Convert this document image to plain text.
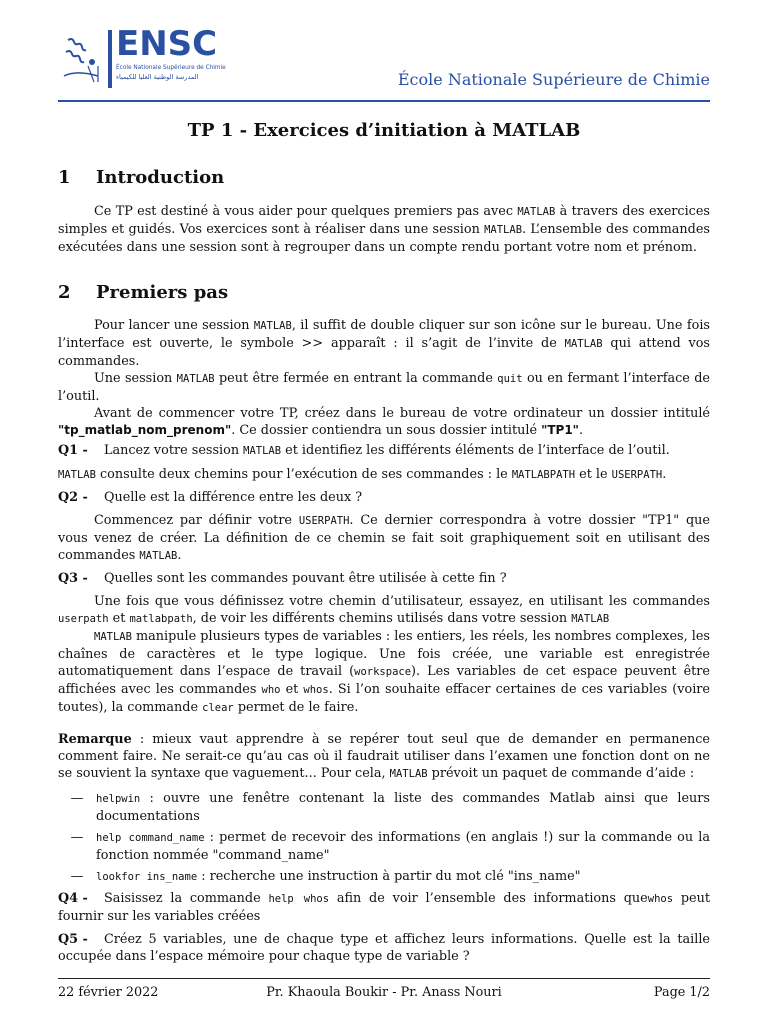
ENSC
École Nationale Supérieure de Chimie
المدرسة الوطنية العليا للكيمياء	École Nationale Supérieure de Chimie
TP 1 - Exercices d’initiation à MATLAB
1 Introduction

Ce TP est destiné à vous aider pour quelques premiers pas avec MATLAB à travers des exercices simples et guidés. Vos exercices sont à réaliser dans une session MATLAB. L’ensemble des commandes exécutées dans une session sont à regrouper dans un compte rendu portant votre nom et prénom.

2 Premiers pas

Pour lancer une session MATLAB, il suffit de double cliquer sur son icône sur le bureau. Une fois l’interface est ouverte, le symbole >> apparaît : il s’agit de l’invite de MATLAB qui attend vos commandes.

Une session MATLAB peut être fermée en entrant la commande quit ou en fermant l’interface de l’outil.

Avant de commencer votre TP, créez dans le bureau de votre ordinateur un dossier intitulé "tp_matlab_nom_prenom". Ce dossier contiendra un sous dossier intitulé "TP1".

Q1 -	Lancez votre session MATLAB et identifiez les différents éléments de l’interface de l’outil.

MATLAB consulte deux chemins pour l’exécution de ses commandes : le MATLABPATH et le USERPATH.

Q2 -	Quelle est la différence entre les deux ?

Commencez par définir votre USERPATH. Ce dernier correspondra à votre dossier "TP1" que vous venez de créer. La définition de ce chemin se fait soit graphiquement soit en utilisant des commandes MATLAB.

Q3 -	Quelles sont les commandes pouvant être utilisée à cette fin ?

Une fois que vous définissez votre chemin d’utilisateur, essayez, en utilisant les commandes userpath et matlabpath, de voir les différents chemins utilisés dans votre session MATLAB

MATLAB manipule plusieurs types de variables : les entiers, les réels, les nombres complexes, les chaînes de caractères et le type logique. Une fois créée, une variable est enregistrée automatiquement dans l’espace de travail (workspace). Les variables de cet espace peuvent être affichées avec les commandes who et whos. Si l’on souhaite effacer certaines de ces variables (voire toutes), la commande clear permet de le faire.

Remarque : mieux vaut apprendre à se repérer tout seul que de demander en permanence comment faire. Ne serait-ce qu’au cas où il faudrait utiliser dans l’examen une fonction dont on ne se souvient la syntaxe que vaguement... Pour cela, MATLAB prévoit un paquet de commande d’aide :

—	helpwin : ouvre une fenêtre contenant la liste des commandes Matlab ainsi que leurs documentations
—	help command_name : permet de recevoir des informations (en anglais !) sur la commande ou la fonction nommée "command_name"
—	lookfor ins_name : recherche une instruction à partir du mot clé "ins_name"

Q4 - Saisissez la commande help whos afin de voir l’ensemble des informations quewhos peut fournir sur les variables créées

Q5 - Créez 5 variables, une de chaque type et affichez leurs informations. Quelle est la taille occupée dans l’espace mémoire pour chaque type de variable ?

22 février 2022	Pr. Khaoula Boukir - Pr. Anass Nouri	Page 1/2
